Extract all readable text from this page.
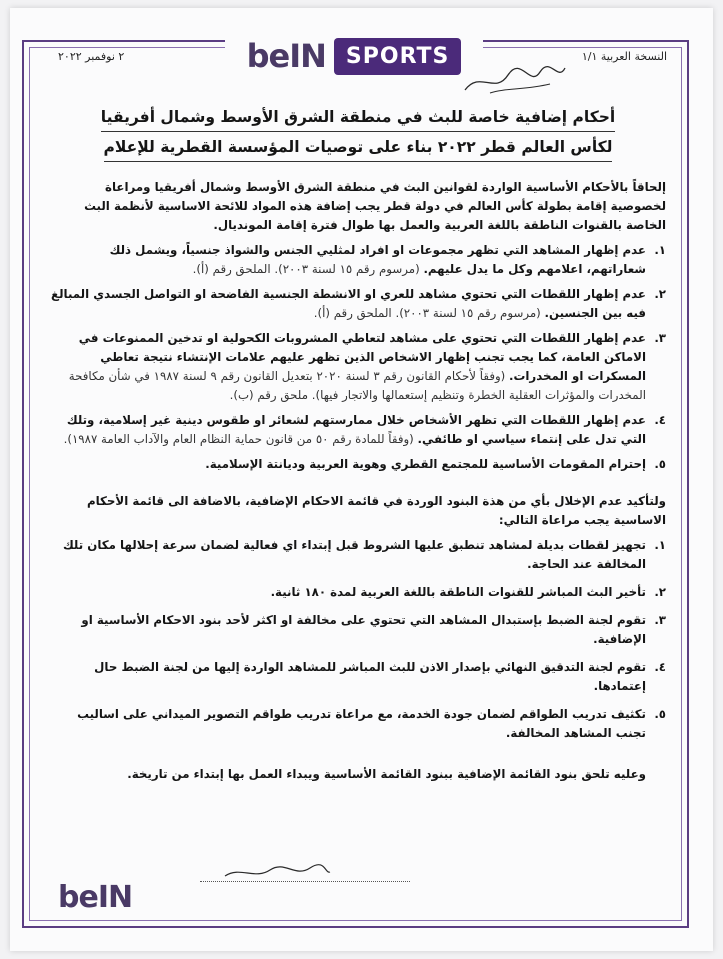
beIN SPORTS
٢ نوفمبر ٢٠٢٢	النسخة العربية ١/١
أحكام إضافية خاصة للبث في منطقة الشرق الأوسط وشمال أفريقيا
لكأس العالم قطر ٢٠٢٢ بناء على توصيات المؤسسة القطرية للإعلام

إلحاقاً بالأحكام الأساسية الواردة لقوانين البث في منطقة الشرق الأوسط وشمال أفريقيا ومراعاة لخصوصية إقامة بطولة كأس العالم في دولة قطر يجب إضافة هذه المواد للائحة الاساسية لأنظمة البث الخاصة بالقنوات الناطقة باللغة العربية والعمل بها طوال فترة إقامة المونديال.

١.
عدم إظهار المشاهد التي تظهر مجموعات او افراد لمثليي الجنس والشواذ جنسياً، ويشمل ذلك شعاراتهم، اعلامهم وكل ما يدل عليهم. (مرسوم رقم ١٥ لسنة ٢٠٠٣). الملحق رقم (أ).
٢.
عدم إظهار اللقطات التي تحتوي مشاهد للعري او الانشطة الجنسية الفاضحة او التواصل الجسدي المبالغ فيه بين الجنسين. (مرسوم رقم ١٥ لسنة ٢٠٠٣). الملحق رقم (أ).
٣.
عدم إظهار اللقطات التي تحتوي على مشاهد لتعاطي المشروبات الكحولية او تدخين الممنوعات في الاماكن العامة، كما يجب تجنب إظهار الاشخاص الذين تظهر عليهم علامات الإنتشاء نتيجة تعاطي المسكرات او المخدرات. (وفقاً لأحكام القانون رقم ٣ لسنة ٢٠٢٠ بتعديل القانون رقم ٩ لسنة ١٩٨٧ في شأن مكافحة المخدرات والمؤثرات العقلية الخطرة وتنظيم إستعمالها والاتجار فيها). ملحق رقم (ب).
٤.
عدم إظهار اللقطات التي تظهر الأشخاص خلال ممارستهم لشعائر او طقوس دينية غير إسلامية، وتلك التي تدل على إنتماء سياسي او طائفي. (وفقاً للمادة رقم ٥٠ من قانون حماية النظام العام والآداب العامة ١٩٨٧).
٥.
إحترام المقومات الأساسية للمجتمع القطري وهوية العربية وديانتة الإسلامية.

ولتأكيد عدم الإخلال بأي من هذة البنود الوردة في قائمة الاحكام الإضافية، بالاضافة الى قائمة الأحكام الاساسية يجب مراعاة التالي:

١.
تجهيز لقطات بديلة لمشاهد تنطبق عليها الشروط قبل إبتداء اي فعالية لضمان سرعة إحلالها مكان تلك المخالفة عند الحاجة.
٢.
تأخير البث المباشر للقنوات الناطقة باللغة العربية لمدة ١٨٠ ثانية.
٣.
تقوم لجنة الضبط بإستبدال المشاهد التي تحتوي على مخالفة او اكثر لأحد بنود الاحكام الأساسية او الإضافية.
٤.
تقوم لجنة التدقيق النهائي بإصدار الاذن للبث المباشر للمشاهد الواردة إليها من لجنة الضبط حال إعتمادها.
٥.
تكثيف تدريب الطواقم لضمان جودة الخدمة، مع مراعاة تدريب طواقم التصوير الميداني على اساليب تجنب المشاهد المخالفة.

وعليه تلحق بنود القائمة الإضافية ببنود القائمة الأساسية ويبداء العمل بها إبتداء من تاريخة.

beIN
